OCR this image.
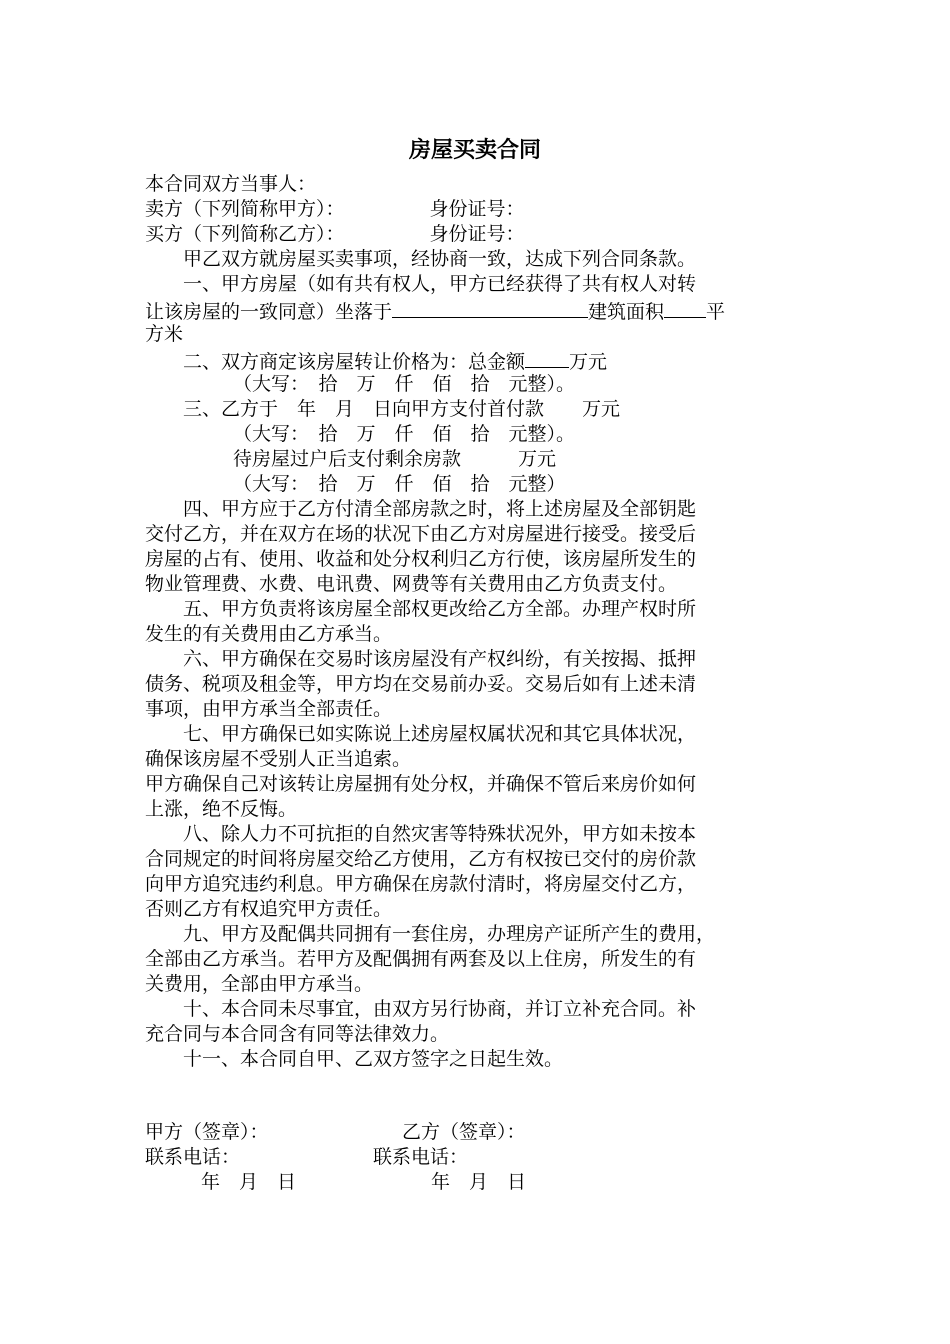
房屋买卖合同
本合同双方当事人：
卖方（下列简称甲方）：	身份证号：
买方（下列简称乙方）：	身份证号：
甲乙双方就房屋买卖事项，经协商一致，达成下列合同条款。
一、甲方房屋（如有共有权人，甲方已经获得了共有权人对转
让该房屋的一致同意）坐落于	建筑面积 平
方米
二、双方商定该房屋转让价格为：总金额 万元
（大写：　拾　万　仟　佰　拾　元整）。
三、乙方于　年　月　日向甲方支付首付款　　万元
（大写：　拾　万　仟　佰　拾　元整）。
待房屋过户后支付剩余房款　　　万元
（大写：　拾　万　仟　佰　拾　元整）
四、甲方应于乙方付清全部房款之时，将上述房屋及全部钥匙
交付乙方，并在双方在场的状况下由乙方对房屋进行接受。接受后
房屋的占有、使用、收益和处分权利归乙方行使，该房屋所发生的
物业管理费、水费、电讯费、网费等有关费用由乙方负责支付。
五、甲方负责将该房屋全部权更改给乙方全部。办理产权时所
发生的有关费用由乙方承当。
六、甲方确保在交易时该房屋没有产权纠纷，有关按揭、抵押
债务、税项及租金等，甲方均在交易前办妥。交易后如有上述未清
事项，由甲方承当全部责任。
七、甲方确保已如实陈说上述房屋权属状况和其它具体状况，
确保该房屋不受别人正当追索。
甲方确保自己对该转让房屋拥有处分权，并确保不管后来房价如何
上涨，绝不反悔。
八、除人力不可抗拒的自然灾害等特殊状况外，甲方如未按本
合同规定的时间将房屋交给乙方使用，乙方有权按已交付的房价款
向甲方追究违约利息。甲方确保在房款付清时，将房屋交付乙方，
否则乙方有权追究甲方责任。
九、甲方及配偶共同拥有一套住房，办理房产证所产生的费用，
全部由乙方承当。若甲方及配偶拥有两套及以上住房，所发生的有
关费用，全部由甲方承当。
十、本合同未尽事宜，由双方另行协商，并订立补充合同。补
充合同与本合同含有同等法律效力。
十一、本合同自甲、乙双方签字之日起生效。
甲方（签章）：	乙方（签章）：
联系电话：	联系电话：
年　月　日	年　月　日
